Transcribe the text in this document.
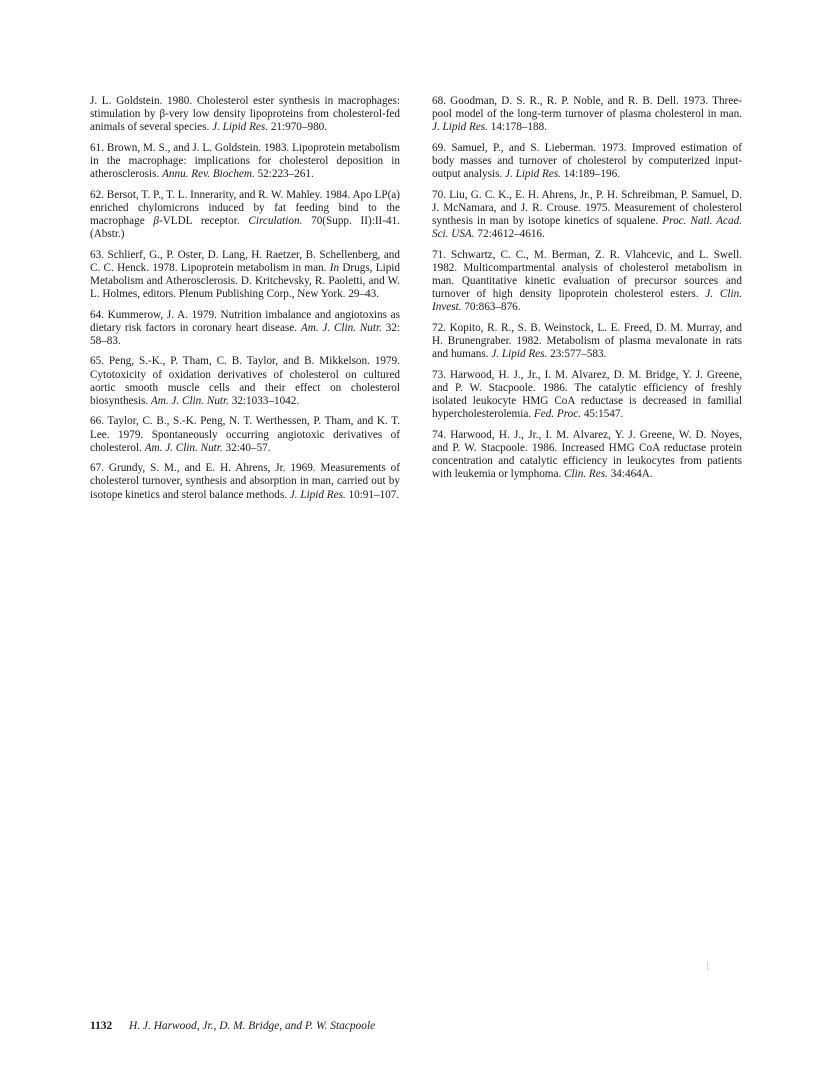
J. L. Goldstein. 1980. Cholesterol ester synthesis in macrophages: stimulation by β-very low density lipoproteins from cholesterol-fed animals of several species. J. Lipid Res. 21:970–980.

61. Brown, M. S., and J. L. Goldstein. 1983. Lipoprotein metabolism in the macrophage: implications for cholesterol deposition in atherosclerosis. Annu. Rev. Biochem. 52:223–261.

62. Bersot, T. P., T. L. Innerarity, and R. W. Mahley. 1984. Apo LP(a) enriched chylomicrons induced by fat feeding bind to the macrophage β-VLDL receptor. Circulation. 70(Supp. II):II-41. (Abstr.)

63. Schlierf, G., P. Oster, D. Lang, H. Raetzer, B. Schellenberg, and C. C. Henck. 1978. Lipoprotein metabolism in man. In Drugs, Lipid Metabolism and Atherosclerosis. D. Kritchevsky, R. Paoletti, and W. L. Holmes, editors. Plenum Publishing Corp., New York. 29–43.

64. Kummerow, J. A. 1979. Nutrition imbalance and angiotoxins as dietary risk factors in coronary heart disease. Am. J. Clin. Nutr. 32: 58–83.

65. Peng, S.-K., P. Tham, C. B. Taylor, and B. Mikkelson. 1979. Cytotoxicity of oxidation derivatives of cholesterol on cultured aortic smooth muscle cells and their effect on cholesterol biosynthesis. Am. J. Clin. Nutr. 32:1033–1042.

66. Taylor, C. B., S.-K. Peng, N. T. Werthessen, P. Tham, and K. T. Lee. 1979. Spontaneously occurring angiotoxic derivatives of cholesterol. Am. J. Clin. Nutr. 32:40–57.

67. Grundy, S. M., and E. H. Ahrens, Jr. 1969. Measurements of cholesterol turnover, synthesis and absorption in man, carried out by isotope kinetics and sterol balance methods. J. Lipid Res. 10:91–107.

68. Goodman, D. S. R., R. P. Noble, and R. B. Dell. 1973. Three-pool model of the long-term turnover of plasma cholesterol in man. J. Lipid Res. 14:178–188.

69. Samuel, P., and S. Lieberman. 1973. Improved estimation of body masses and turnover of cholesterol by computerized input-output analysis. J. Lipid Res. 14:189–196.

70. Liu, G. C. K., E. H. Ahrens, Jr., P. H. Schreibman, P. Samuel, D. J. McNamara, and J. R. Crouse. 1975. Measurement of cholesterol synthesis in man by isotope kinetics of squalene. Proc. Natl. Acad. Sci. USA. 72:4612–4616.

71. Schwartz, C. C., M. Berman, Z. R. Vlahcevic, and L. Swell. 1982. Multicompartmental analysis of cholesterol metabolism in man. Quantitative kinetic evaluation of precursor sources and turnover of high density lipoprotein cholesterol esters. J. Clin. Invest. 70:863–876.

72. Kopito, R. R., S. B. Weinstock, L. E. Freed, D. M. Murray, and H. Brunengraber. 1982. Metabolism of plasma mevalonate in rats and humans. J. Lipid Res. 23:577–583.

73. Harwood, H. J., Jr., I. M. Alvarez, D. M. Bridge, Y. J. Greene, and P. W. Stacpoole. 1986. The catalytic efficiency of freshly isolated leukocyte HMG CoA reductase is decreased in familial hypercholesterolemia. Fed. Proc. 45:1547.

74. Harwood, H. J., Jr., I. M. Alvarez, Y. J. Greene, W. D. Noyes, and P. W. Stacpoole. 1986. Increased HMG CoA reductase protein concentration and catalytic efficiency in leukocytes from patients with leukemia or lymphoma. Clin. Res. 34:464A.

1132 H. J. Harwood, Jr., D. M. Bridge, and P. W. Stacpoole
